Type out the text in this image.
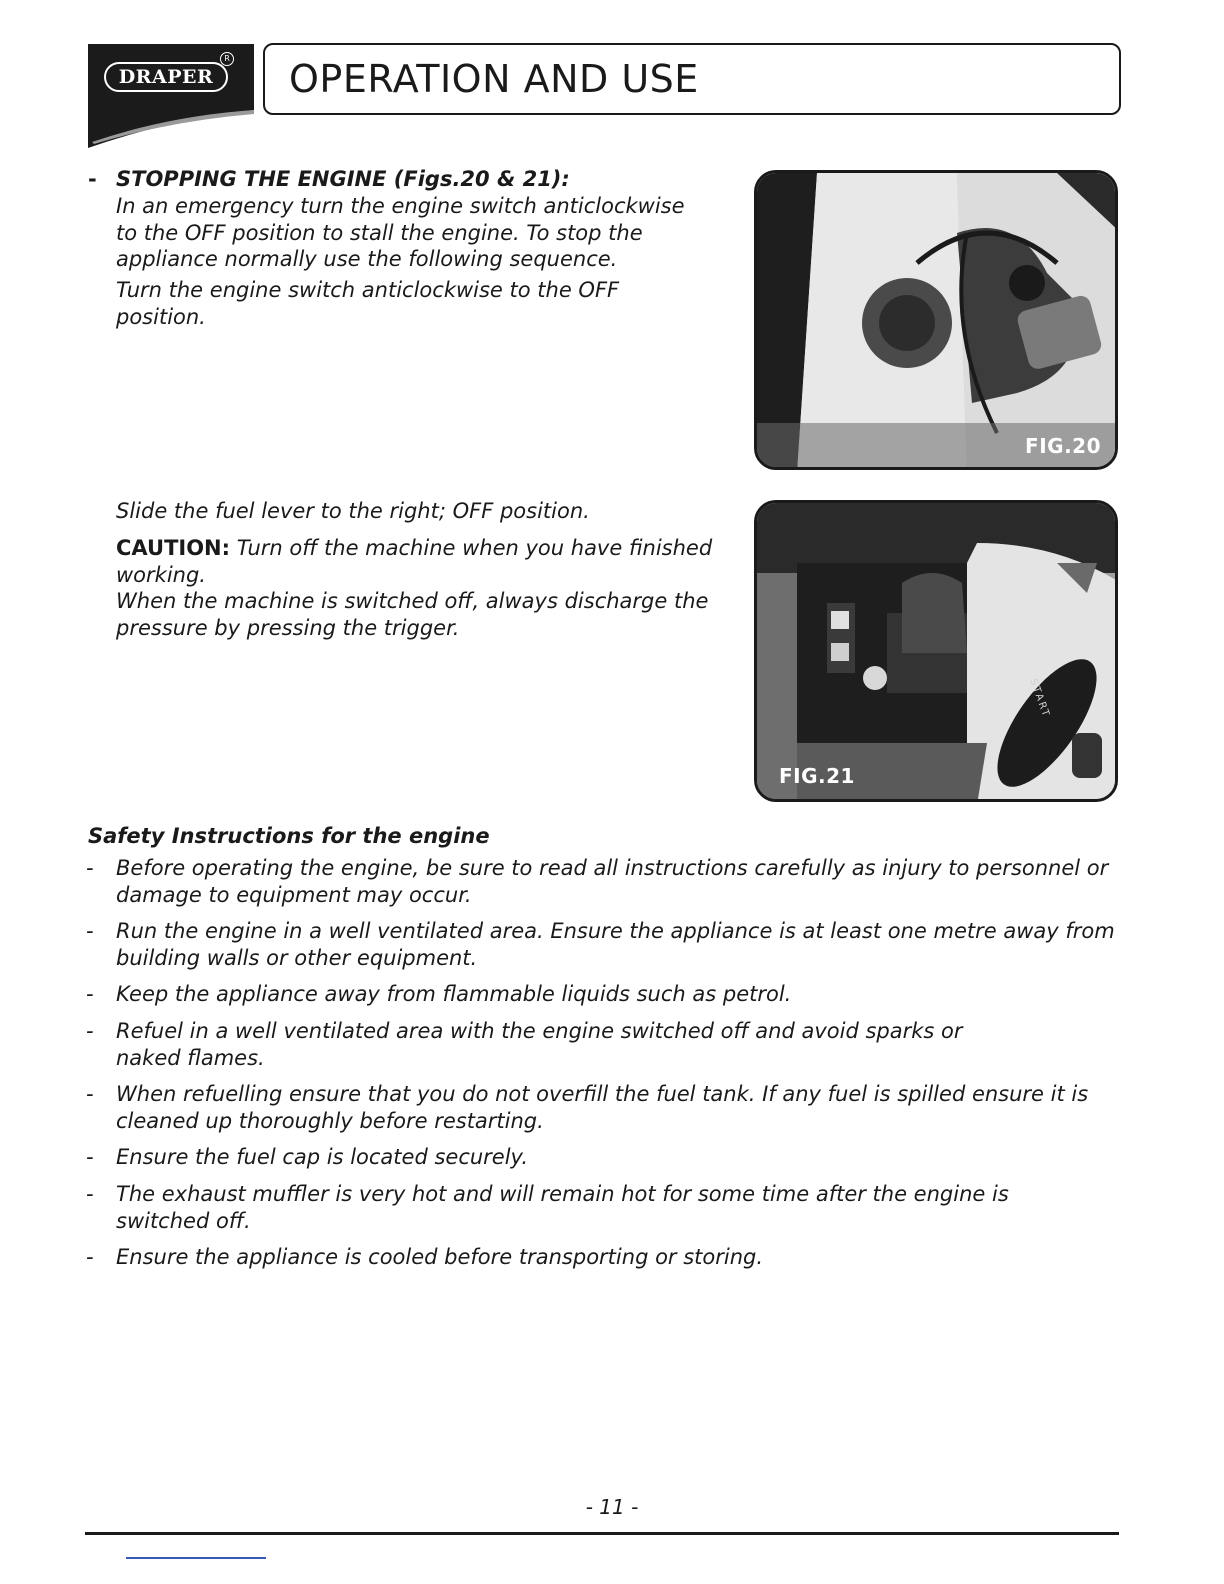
DRAPER
R OPERATION AND USE
- STOPPING THE ENGINE (Figs.20 & 21):

In an emergency turn the engine switch anticlockwise
to the OFF position to stall the engine. To stop the
appliance normally use the following sequence.

Turn the engine switch anticlockwise to the OFF
position.

Slide the fuel lever to the right; OFF position.

CAUTION: Turn off the machine when you have finished
working.
When the machine is switched off, always discharge the
pressure by pressing the trigger.

FIG.20
FIG.21
START

Safety Instructions for the engine

- Before operating the engine, be sure to read all instructions carefully as injury to personnel or
damage to equipment may occur.

- Run the engine in a well ventilated area. Ensure the appliance is at least one metre away from
building walls or other equipment.

- Keep the appliance away from flammable liquids such as petrol.

- Refuel in a well ventilated area with the engine switched off and avoid sparks or
naked flames.

- When refuelling ensure that you do not overfill the fuel tank. If any fuel is spilled ensure it is
cleaned up thoroughly before restarting.

- Ensure the fuel cap is located securely.

- The exhaust muffler is very hot and will remain hot for some time after the engine is
switched off.

- Ensure the appliance is cooled before transporting or storing.

- 11 -
